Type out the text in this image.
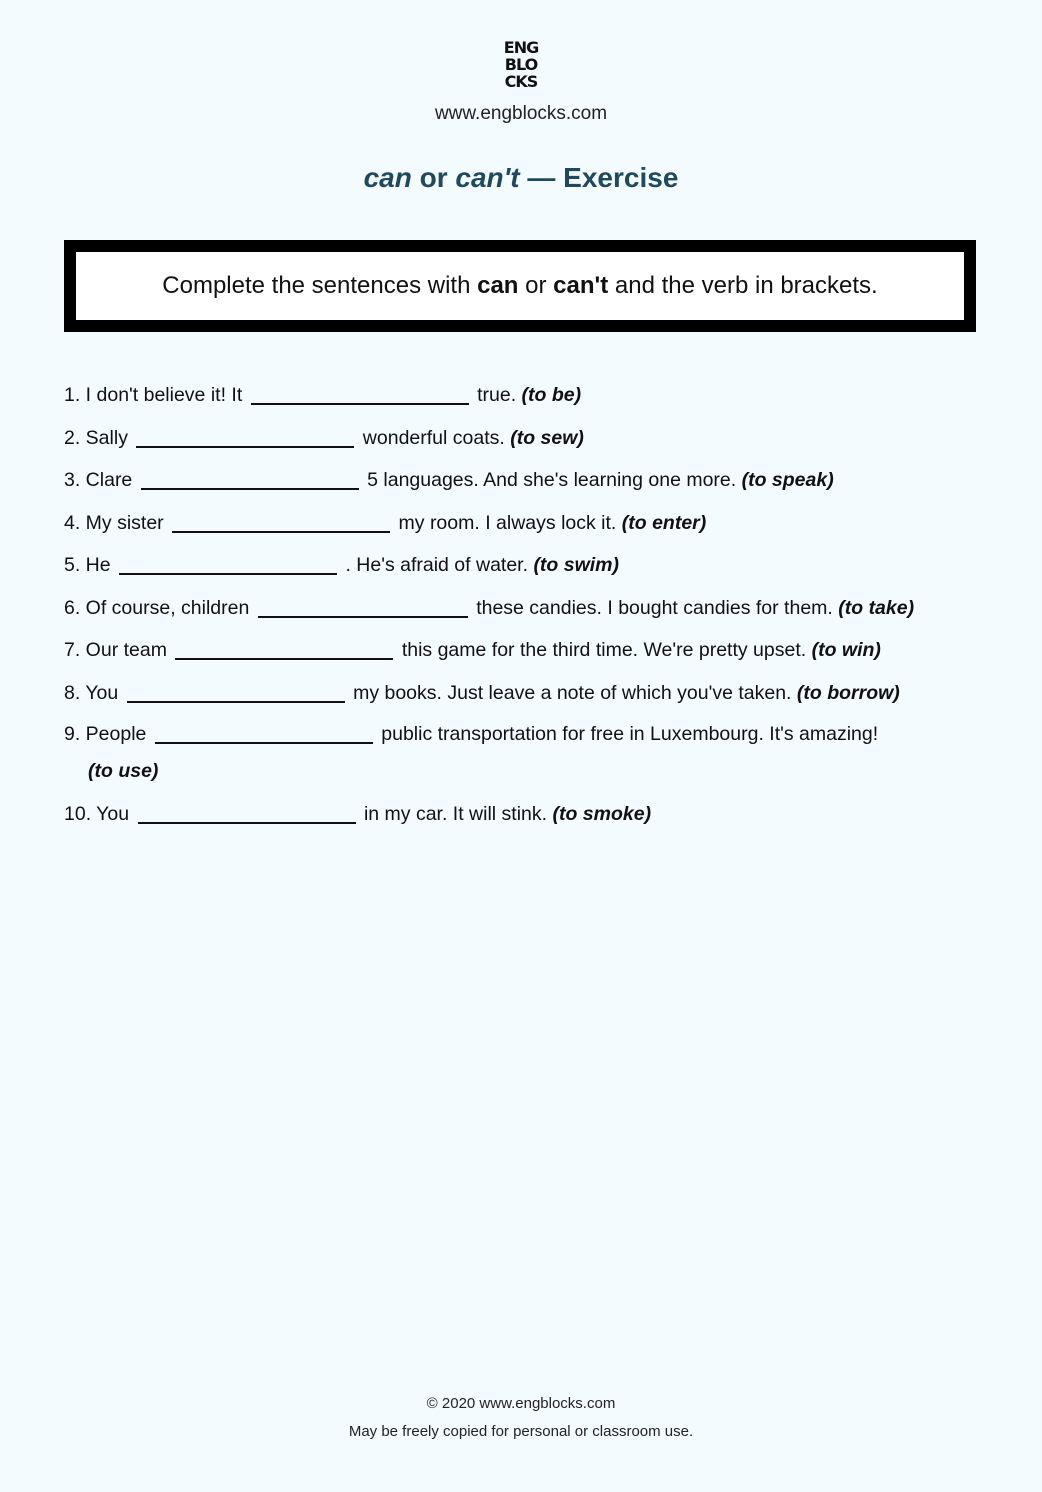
ENG
BLO
CKS
www.engblocks.com
can or can't — Exercise
Complete the sentences with can or can't and the verb in brackets.
1. I don't believe it! It	true. (to be)
2. Sally	wonderful coats. (to sew)
3. Clare	5 languages. And she's learning one more. (to speak)
4. My sister	my room. I always lock it. (to enter)
5. He	. He's afraid of water. (to swim)
6. Of course, children	these candies. I bought candies for them. (to take)
7. Our team	this game for the third time. We're pretty upset. (to win)
8. You	my books. Just leave a note of which you've taken. (to borrow)
9. People	public transportation for free in Luxembourg. It's amazing!
(to use)
10. You	in my car. It will stink. (to smoke)
© 2020 www.engblocks.com
May be freely copied for personal or classroom use.
